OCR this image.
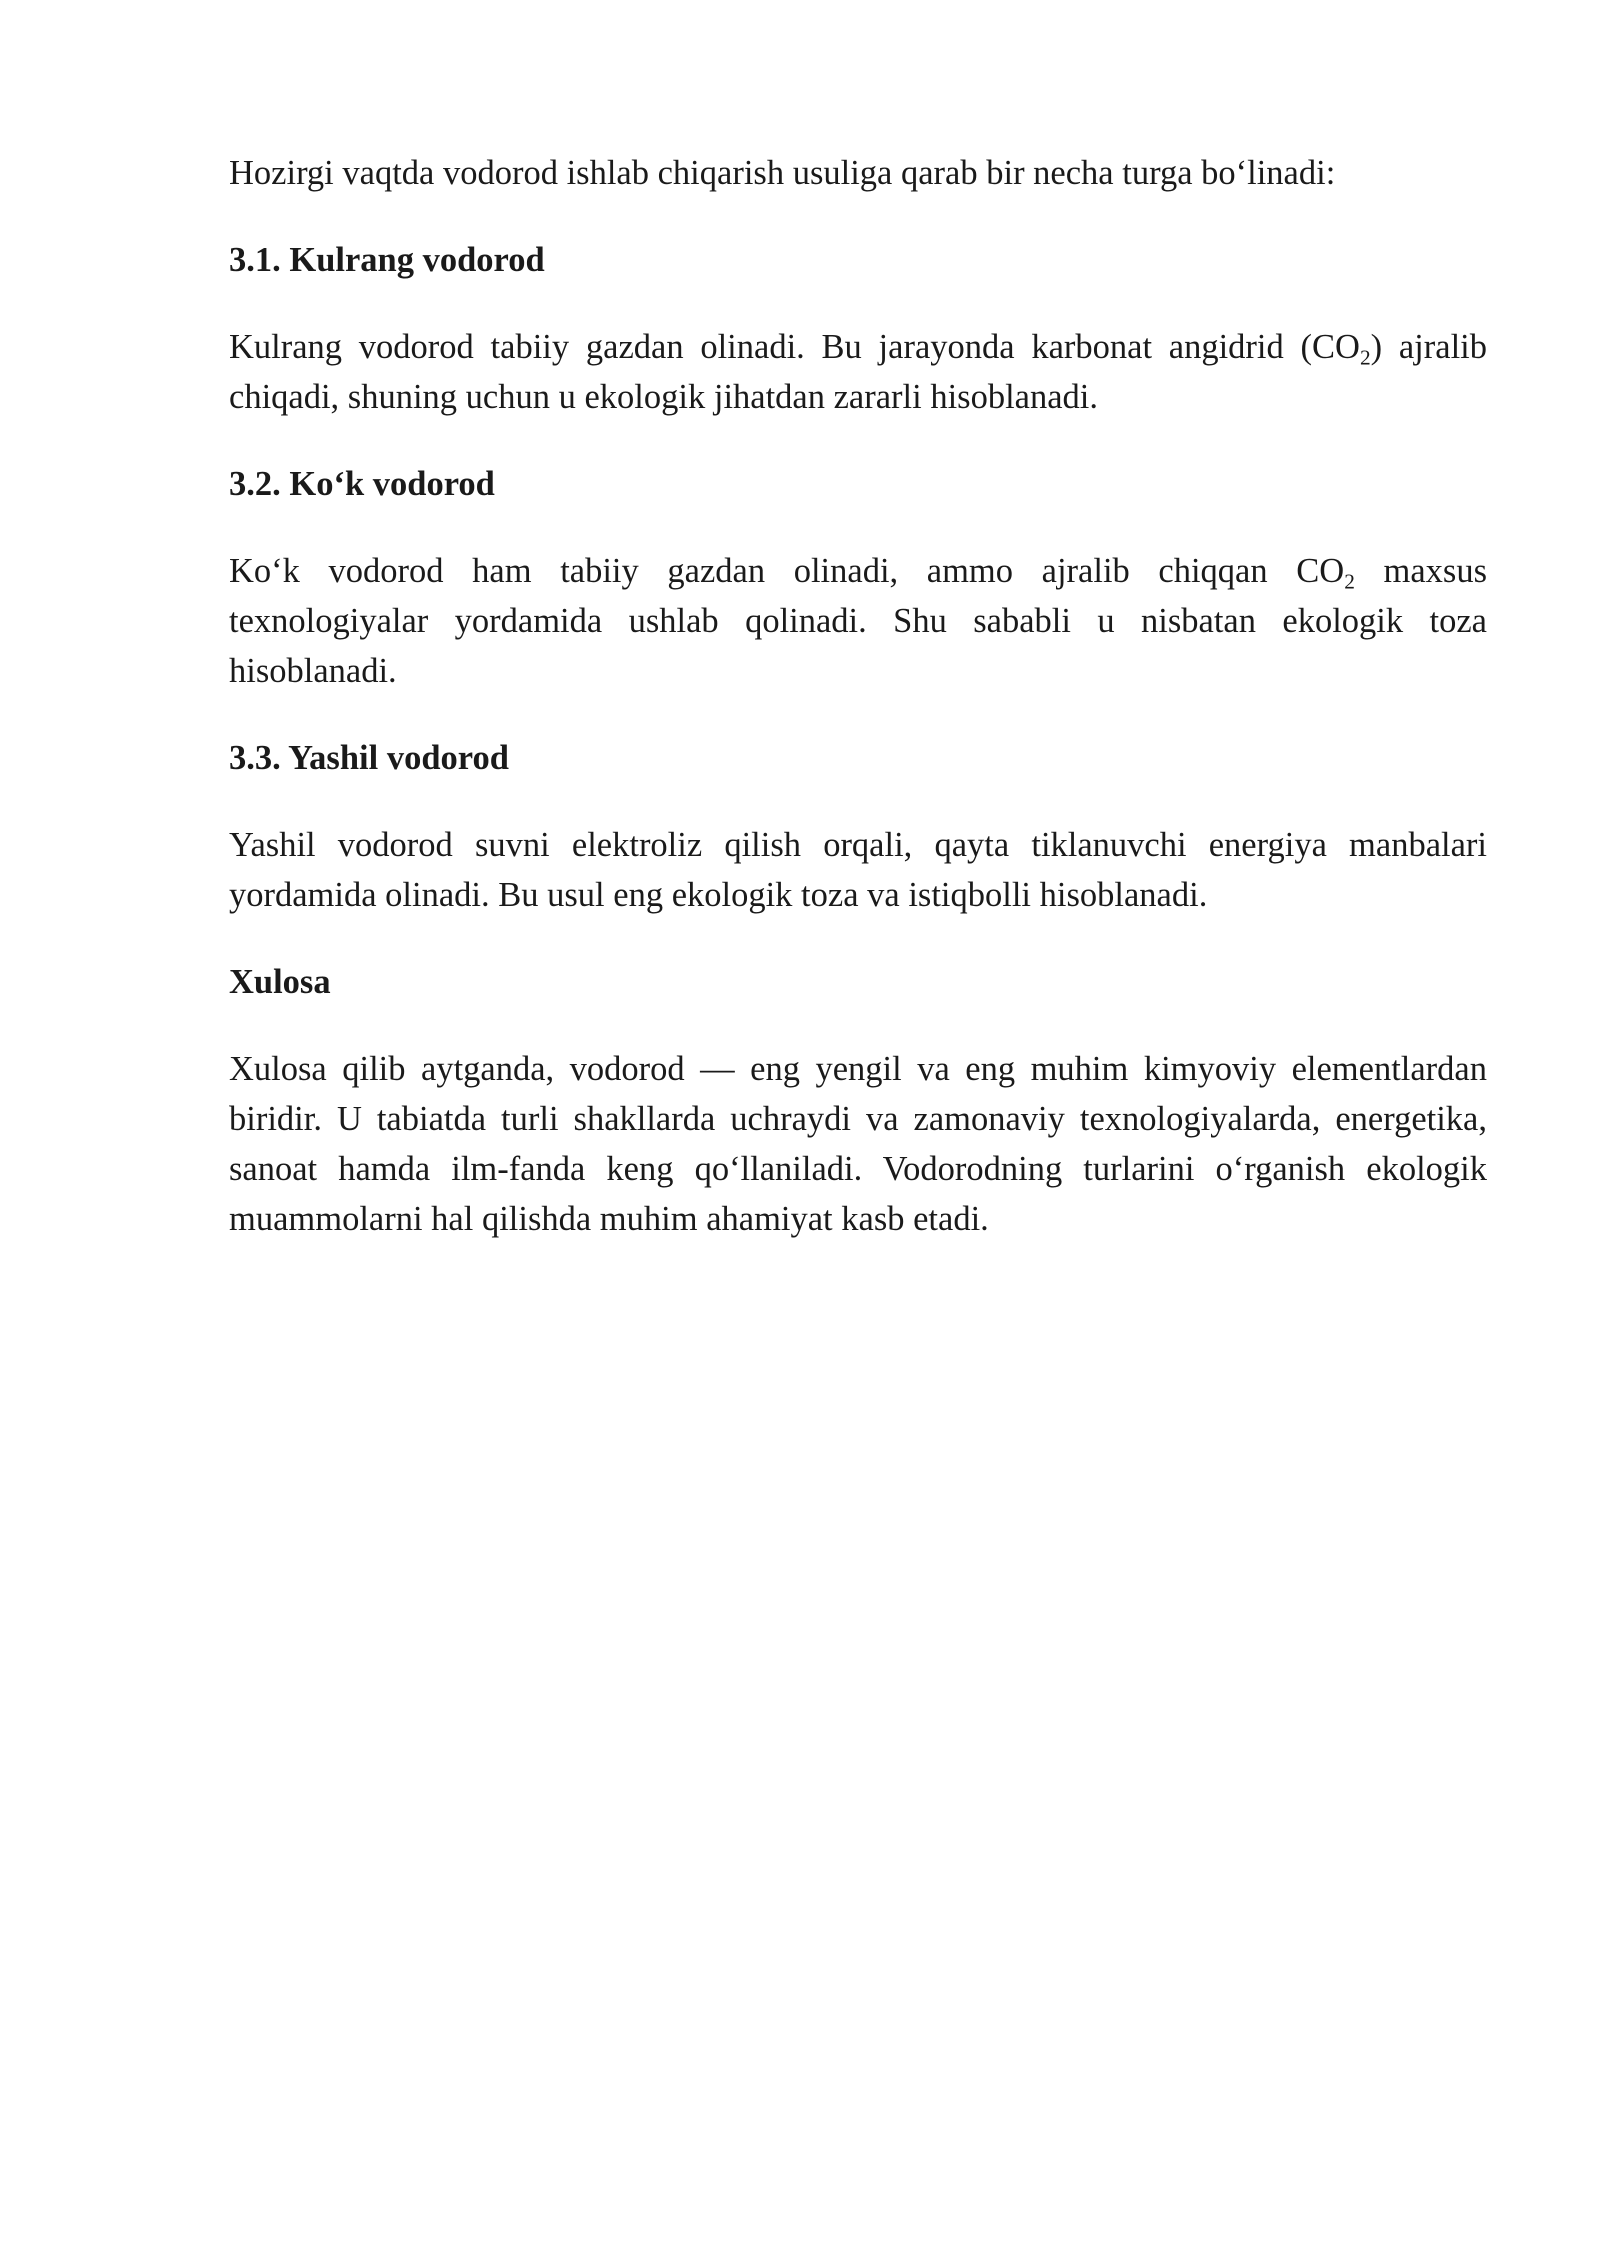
Hozirgi vaqtda vodorod ishlab chiqarish usuliga qarab bir necha turga bo‘linadi:

3.1. Kulrang vodorod

Kulrang vodorod tabiiy gazdan olinadi. Bu jarayonda karbonat angidrid $(CO_2)$ ajralib chiqadi, shuning uchun u ekologik jihatdan zararli hisoblanadi.

3.2. Ko‘k vodorod

Ko‘k vodorod ham tabiiy gazdan olinadi, ammo ajralib chiqqan $CO_2$ maxsus texnologiyalar yordamida ushlab qolinadi. Shu sababli u nisbatan ekologik toza hisoblanadi.

3.3. Yashil vodorod

Yashil vodorod suvni elektroliz qilish orqali, qayta tiklanuvchi energiya manbalari yordamida olinadi. Bu usul eng ekologik toza va istiqbolli hisoblanadi.

Xulosa

Xulosa qilib aytganda, vodorod — eng yengil va eng muhim kimyoviy elementlardan biridir. U tabiatda turli shakllarda uchraydi va zamonaviy texnologiyalarda, energetika, sanoat hamda ilm-fanda keng qo‘llaniladi. Vodorodning turlarini o‘rganish ekologik muammolarni hal qilishda muhim ahamiyat kasb etadi.
